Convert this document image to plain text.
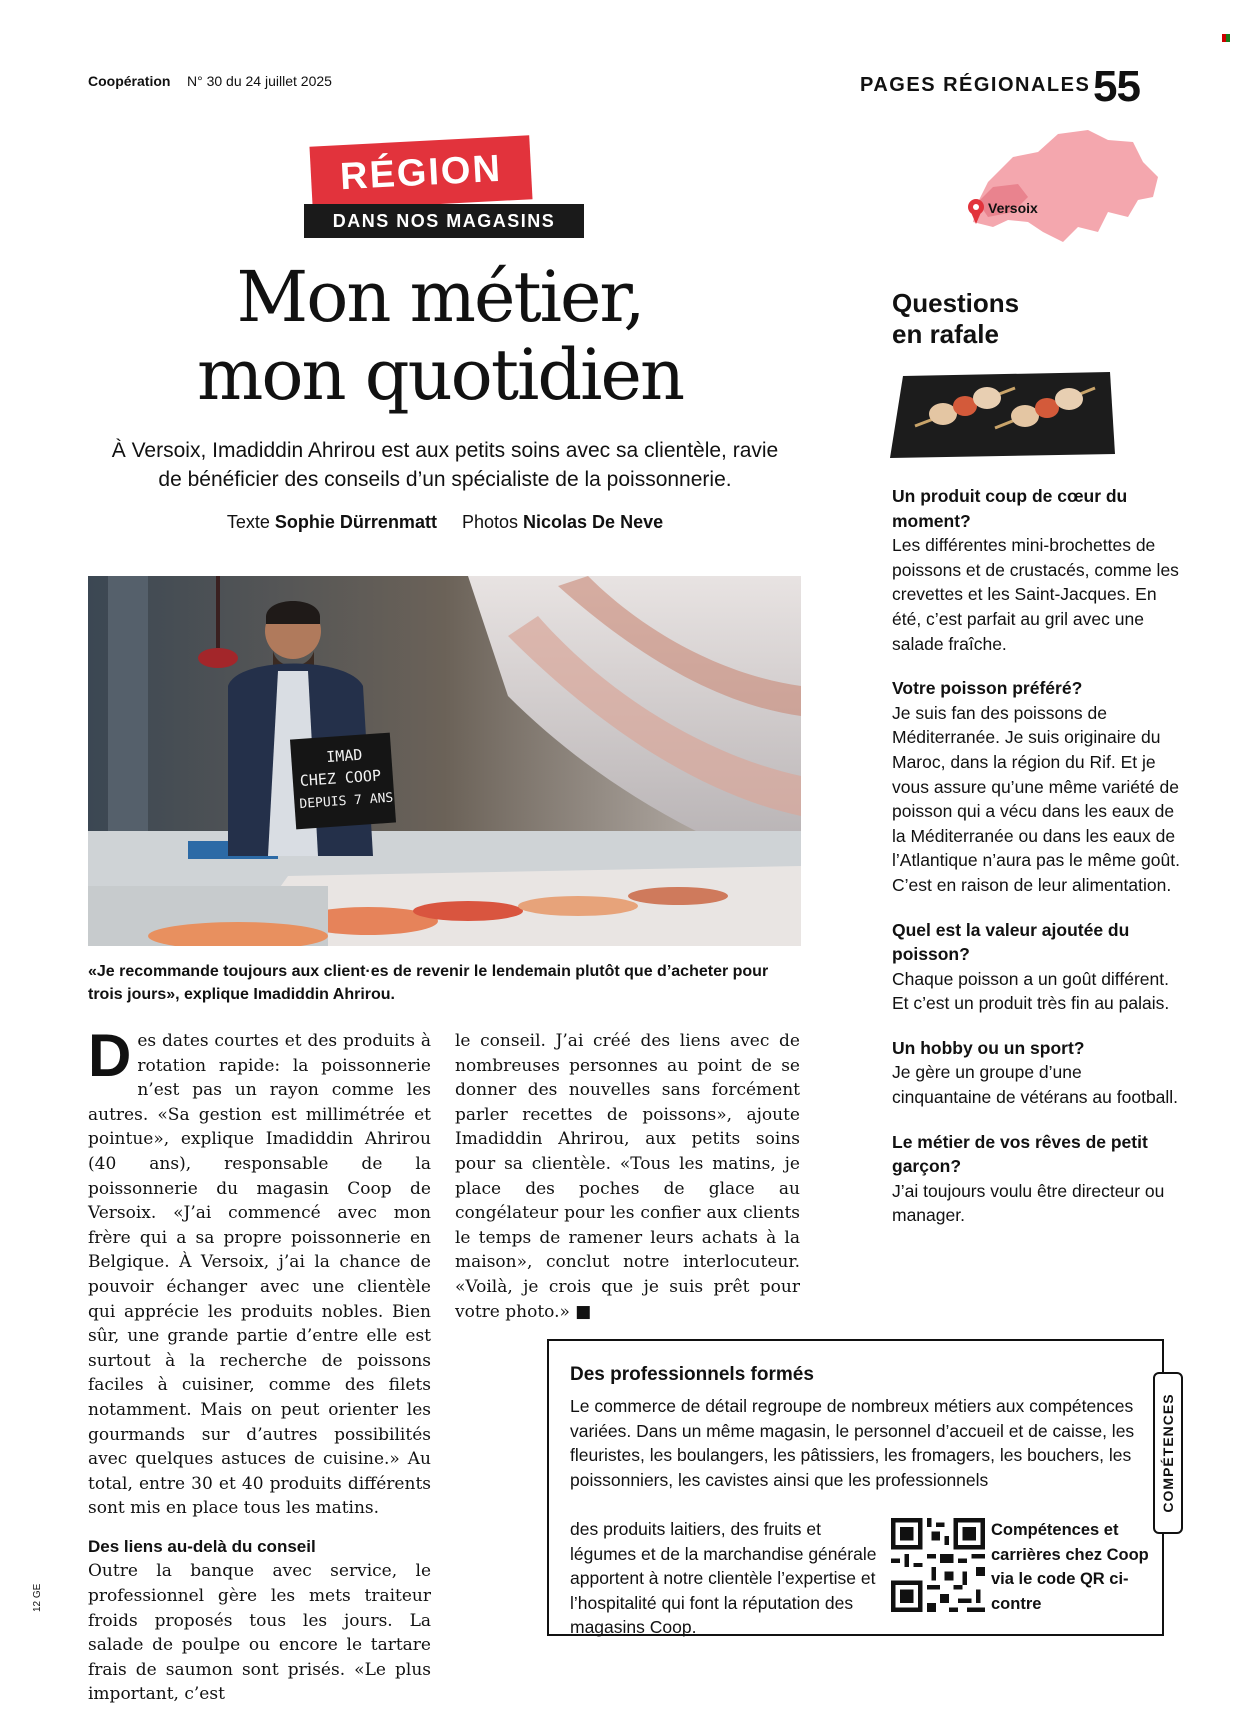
Coopération N° 30 du 24 juillet 2025	PAGES RÉGIONALES 55
RÉGION
DANS NOS MAGASINS
Mon métier,
mon quotidien
À Versoix, Imadiddin Ahrirou est aux petits soins avec sa clientèle, ravie de bénéficier des conseils d’un spécialiste de la poissonnerie.
Texte Sophie Dürrenmatt Photos Nicolas De Neve
IMAD
CHEZ COOP
DEPUIS 7 ANS
«Je recommande toujours aux client·es de revenir le lendemain plutôt que d’acheter pour trois jours», explique Imadiddin Ahrirou.
D es dates courtes et des produits à rotation rapide: la poissonnerie n’est pas un rayon comme les autres. «Sa gestion est millimétrée et pointue», explique Imadiddin Ahrirou (40 ans), responsable de la poissonnerie du magasin Coop de Versoix. «J’ai commencé avec mon frère qui a sa propre poissonnerie en Belgique. À Versoix, j’ai la chance de pouvoir échanger avec une clientèle qui apprécie les produits nobles. Bien sûr, une grande partie d’entre elle est surtout à la recherche de poissons faciles à cuisiner, comme des filets notamment. Mais on peut orienter les gourmands sur d’autres possibilités avec quelques astuces de cuisine.» Au total, entre 30 et 40 produits différents sont mis en place tous les matins.
Des liens au-delà du conseil
Outre la banque avec service, le professionnel gère les mets traiteur froids proposés tous les jours. La salade de poulpe ou encore le tartare frais de saumon sont prisés. «Le plus important, c’est
le conseil. J’ai créé des liens avec de nombreuses personnes au point de se donner des nouvelles sans forcément parler recettes de poissons», ajoute Imadiddin Ahrirou, aux petits soins pour sa clientèle. «Tous les matins, je place des poches de glace au congélateur pour les confier aux clients le temps de ramener leurs achats à la maison», conclut notre interlocuteur. «Voilà, je crois que je suis prêt pour votre photo.» ■
Versoix
Questions
en rafale
Un produit coup de cœur du moment?
Les différentes mini-brochettes de poissons et de crustacés, comme les crevettes et les Saint-Jacques. En été, c’est parfait au gril avec une salade fraîche.
Votre poisson préféré?
Je suis fan des poissons de Méditerranée. Je suis originaire du Maroc, dans la région du Rif. Et je vous assure qu’une même variété de poisson qui a vécu dans les eaux de la Méditerranée ou dans les eaux de l’Atlantique n’aura pas le même goût. C’est en raison de leur alimentation.
Quel est la valeur ajoutée du poisson?
Chaque poisson a un goût différent. Et c’est un produit très fin au palais.
Un hobby ou un sport?
Je gère un groupe d’une cinquantaine de vétérans au football.
Le métier de vos rêves de petit garçon?
J’ai toujours voulu être directeur ou manager.
Des professionnels formés
Le commerce de détail regroupe de nombreux métiers aux compétences variées. Dans un même magasin, le personnel d’accueil et de caisse, les fleuristes, les boulangers, les pâtissiers, les fromagers, les bouchers, les poissonniers, les cavistes ainsi que les professionnels
des produits laitiers, des fruits et légumes et de la marchandise générale apportent à notre clientèle l’expertise et l’hospitalité qui font la réputation des magasins Coop.
Compétences et carrières chez Coop via le code QR ci-contre
COMPÉTENCES
12 GE
